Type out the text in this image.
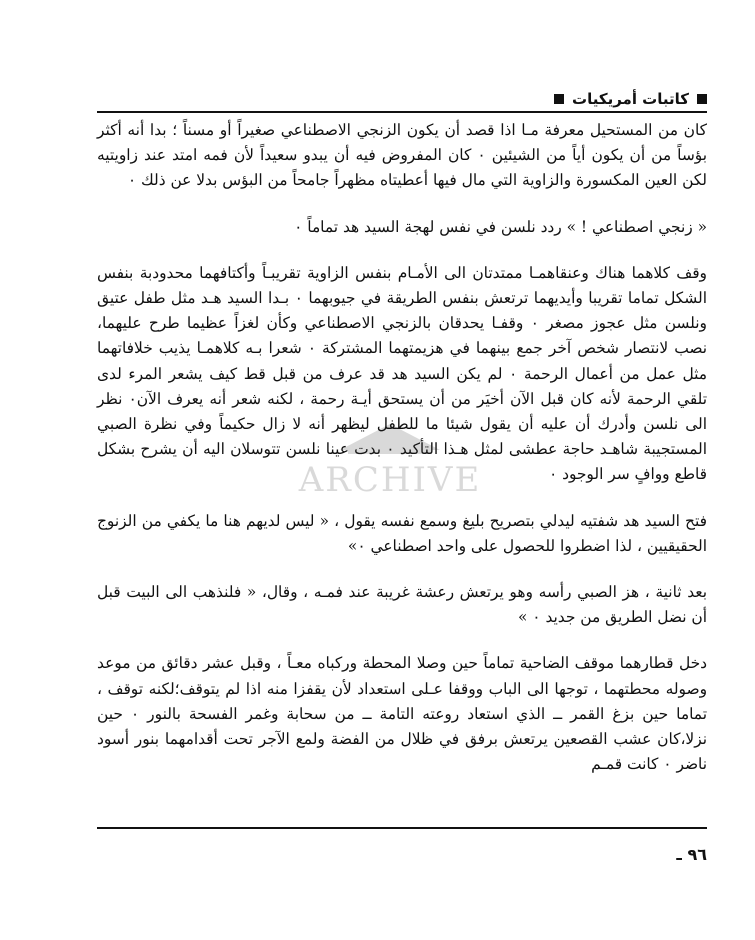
كاتبات أمريكيات

كان من المستحيل معرفة مـا اذا قصد أن يكون الزنجي الاصطناعي صغيراً أو مسناً ؛ بدا أنه أكثر بؤساً من أن يكون أياً من الشيئين ٠ كان المفروض فيه أن يبدو سعيداً لأن فمه امتد عند زاويتيه لكن العين المكسورة والزاوية التي مال فيها أعطيتاه مظهراً جامحاً من البؤس بدلا عن ذلك ٠

« زنجي اصطناعي ! » ردد نلسن في نفس لهجة السيد هد تماماً ٠

وقف كلاهما هناك وعنقاهمـا ممتدتان الى الأمـام بنفس الزاوية تقريبـاً وأكتافهما محدودبة بنفس الشكل تماما تقريبا وأيديهما ترتعش بنفس الطريقة في جيوبهما ٠ بـدا السيد هـد مثل طفل عتيق ونلسن مثل عجوز مصغر ٠ وقفـا يحدقان بالزنجي الاصطناعي وكأن لغزاً عظيما طرح عليهما، نصب لانتصار شخص آخر جمع بينهما في هزيمتهما المشتركة ٠ شعرا بـه كلاهمـا يذيب خلافاتهما مثل عمل من أعمال الرحمة ٠ لم يكن السيد هد قد عرف من قبل قط كيف يشعر المرء لدى تلقي الرحمة لأنه كان قبل الآن أخيَر من أن يستحق أيـة رحمة ، لكنه شعر أنه يعرف الآن٠ نظر الى نلسن وأدرك أن عليه أن يقول شيئا ما للطفل ليظهر أنه لا زال حكيماً وفي نظرة الصبي المستجيبة شاهـد حاجة عطشى لمثل هـذا التأكيد ٠ بدت عينا نلسن تتوسلان اليه أن يشرح بشكل قاطع ووافٍ سر الوجود ٠

فتح السيد هد شفتيه ليدلي بتصريح بليغ وسمع نفسه يقول ، « ليس لديهم هنا ما يكفي من الزنوج الحقيقيين ، لذا اضطروا للحصول على واحد اصطناعي ٠»

بعد ثانية ، هز الصبي رأسه وهو يرتعش رعشة غريبة عند فمـه ، وقال، « فلنذهب الى البيت قبل أن نضل الطريق من جديد ٠ »

دخل قطارهما موقف الضاحية تماماً حين وصلا المحطة وركباه معـاً ، وقبل عشر دقائق من موعد وصوله محطتهما ، توجها الى الباب ووقفا عـلى استعداد لأن يقفزا منه اذا لم يتوقف؛لكنه توقف ، تماما حين بزغ القمر ــ الذي استعاد روعته التامة ــ من سحابة وغمر الفسحة بالنور ٠ حين نزلا،كان عشب القصعين يرتعش برفق في ظلال من الفضة ولمع الآجر تحت أقدامهما بنور أسود ناضر ٠ كانت قمـم

ARCHIVE
٩٦ ـ
